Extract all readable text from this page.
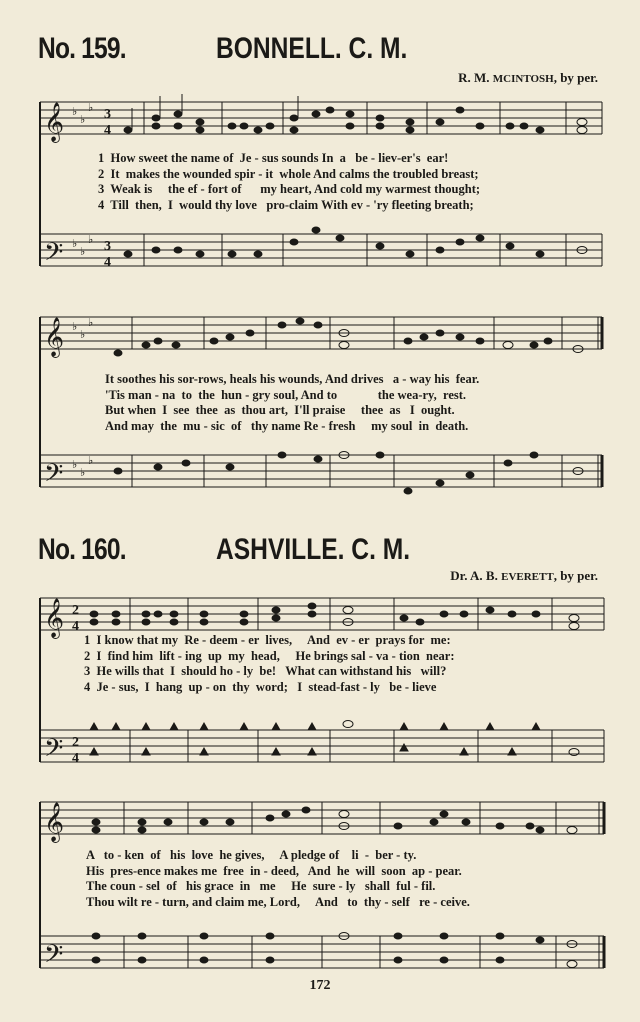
No. 159.	BONNELL. C. M.
R. M. MCINTOSH, by per.
𝄞
𝄢
♭
♭
♭
♭
♭
♭
3
4
3
4
1  How sweet the name of  Je - sus sounds In  a   be - liev-er's  ear!
2  It  makes the wounded spir - it  whole And calms the troubled breast;
3  Weak is     the ef - fort of      my heart, And cold my warmest thought;
4  Till  then,  I  would thy love   pro-claim With ev - 'ry fleeting breath;
𝄞
𝄢
♭
♭
♭
♭
♭
♭
It soothes his sor-rows, heals his wounds, And drives   a - way his  fear.
'Tis man - na  to  the  hun - gry soul, And to             the wea-ry,  rest.
But when  I  see  thee  as  thou art,  I'll praise     thee  as   I  ought.
And may  the  mu - sic  of   thy name Re - fresh     my soul  in  death.
No. 160.	ASHVILLE. C. M.
Dr. A. B. EVERETT, by per.
𝄞
𝄢
2
4
2
4
1  I know that my  Re - deem - er  lives,     And  ev - er  prays for  me:
2  I  find him  lift - ing  up  my  head,     He brings sal - va - tion  near:
3  He wills that  I  should ho - ly  be!   What can withstand his   will?
4  Je - sus,  I  hang  up - on  thy  word;   I  stead-fast - ly   be - lieve
𝄞
𝄢
A   to - ken  of   his  love  he gives,     A pledge of    li  -  ber - ty.
His  pres-ence makes me  free  in - deed,   And  he  will  soon  ap - pear.
The coun - sel  of   his grace  in   me     He  sure - ly   shall  ful - fil.
Thou wilt re - turn, and claim me, Lord,     And   to  thy - self   re - ceive.
172
